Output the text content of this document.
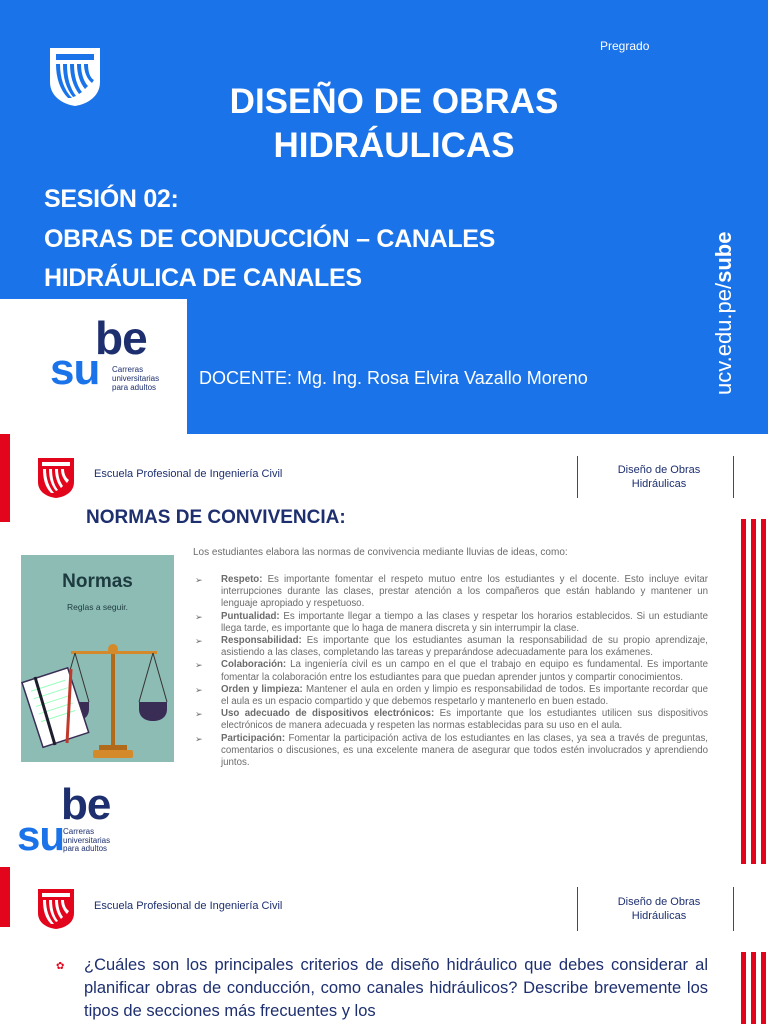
Pregrado
DISEÑO DE OBRAS
HIDRÁULICAS
SESIÓN 02:
OBRAS DE CONDUCCIÓN – CANALES
HIDRÁULICA DE CANALES
be
su Carreras
universitarias
para adultos DOCENTE: Mg. Ing. Rosa Elvira Vazallo Moreno	ucv.edu.pe/sube
Escuela Profesional de Ingeniería Civil	Diseño de Obras
Hidráulicas
NORMAS DE CONVIVENCIA:
Normas
Reglas a seguir.
Los estudiantes elabora las normas de convivencia mediante lluvias de ideas, como:
➢ Respeto: Es importante fomentar el respeto mutuo entre los estudiantes y el docente. Esto incluye evitar interrupciones durante las clases, prestar atención a los compañeros que están hablando y mantener un lenguaje apropiado y respetuoso.
➢ Puntualidad: Es importante llegar a tiempo a las clases y respetar los horarios establecidos. Si un estudiante llega tarde, es importante que lo haga de manera discreta y sin interrumpir la clase.
➢ Responsabilidad: Es importante que los estudiantes asuman la responsabilidad de su propio aprendizaje, asistiendo a las clases, completando las tareas y preparándose adecuadamente para los exámenes.
➢ Colaboración: La ingeniería civil es un campo en el que el trabajo en equipo es fundamental. Es importante fomentar la colaboración entre los estudiantes para que puedan aprender juntos y compartir conocimientos.
➢ Orden y limpieza: Mantener el aula en orden y limpio es responsabilidad de todos. Es importante recordar que el aula es un espacio compartido y que debemos respetarlo y mantenerlo en buen estado.
➢ Uso adecuado de dispositivos electrónicos: Es importante que los estudiantes utilicen sus dispositivos electrónicos de manera adecuada y respeten las normas establecidas para su uso en el aula.
➢ Participación: Fomentar la participación activa de los estudiantes en las clases, ya sea a través de preguntas, comentarios o discusiones, es una excelente manera de asegurar que todos estén involucrados y aprendiendo juntos.
be
su
Carreras
universitarias
para adultos
Escuela Profesional de Ingeniería Civil	Diseño de Obras
Hidráulicas
✿ ¿Cuáles son los principales criterios de diseño hidráulico que debes considerar al planificar obras de conducción, como canales hidráulicos? Describe brevemente los tipos de secciones más frecuentes y los
